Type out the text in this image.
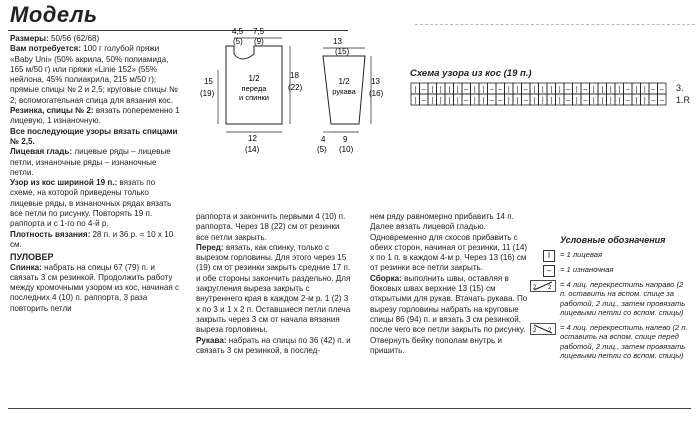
Модель

Размеры: 50/56 (62/68)

Вам потребуется: 100 г голубой пряжи «Baby Uni» (50% акрила, 50% полиамида, 165 м/50 г) или пряжи «Linie 152» (55% нейлона, 45% полиакрила, 215 м/50 г); прямые спицы № 2 и 2,5; круговые спицы № 2; вспомогательная спица для вязания кос.

Резинка, спицы № 2: вязать попеременно 1 лицевую, 1 изнаночную.

Все последующие узоры вязать спицами № 2,5.

Лицевая гладь: лицевые ряды – лицевые петли, изнаночные ряды – изнаночные петли.

Узор из кос шириной 19 п.: вязать по схеме, на которой приведены только лицевые ряды, в изнаночных рядах вязать все петли по рисунку. Повторять 19 п. раппорта и с 1-го по 4-й р.

Плотность вязания: 28 п. и 36 р. = 10 х 10 см.

ПУЛОВЕР

Спинка: набрать на спицы 67 (79) п. и связать 3 см резинкой. Продолжить работу между кромочными узором из кос, начиная с последних 4 (10) п. раппорта, 3 раза повторить петли

раппорта и закончить первыми 4 (10) п. раппорта. Через 18 (22) см от резинки все петли закрыть.

Перед: вязать, как спинку, только с вырезом горловины. Для этого через 15 (19) см от резинки закрыть средние 17 п. и обе стороны закончить раздельно. Для закругления выреза закрыть с внутреннего края в каждом 2-м р. 1 (2) 3 х по 3 и 1 х 2 п. Оставшиеся петли плеча закрыть через 3 см от начала вязания выреза горловины.

Рукава: набрать на спицы по 36 (42) п. и связать 3 см резинкой, в послед-

нем ряду равномерно прибавить 14 п. Далее вязать лицевой гладью. Одновременно для скосов прибавить с обеих сторон, начиная от резинки, 11 (14) х по 1 п. в каждом 4-м р. Через 13 (16) см от резинки все петли закрыть.

Сборка: выполнить швы, оставляя в боковых швах верхние 13 (15) см открытыми для рукав. Втачать рукава. По вырезу горловины набрать на круговые спицы 86 (94) п. и вязать 3 см резинкой, после чего все петли закрыть по рисунку. Отвернуть бейку пополам внутрь и пришить.

4,5
(5)
7,5
(9)
15
(19)
18
(22)
12
(14)
1/2
переда
и спинки
13
(15)
13
(16)
4
(5)
9
(10)
1/2
рукава
Схема узора из кос (19 п.)
| – | | | | – | | – – | | – | | | | – | – | | | | – | | – –
| – | | | | – | | – – | | – | | | | – | – | | | | – | | – –
3.
1.R
Условные обозначения
I	= 1 лицевая
–	= 1 изнаночная
2 2 = 4 лиц. перекрестить направо (2 п. оставить на вспом. спице за работой, 2 лиц., затем провязать лицевыми петли со вспом. спицы)
2 2 = 4 лиц. перекрестить налево (2 п. оставить на вспом. спице перед работой, 2 лиц., затем провязать лицевыми петли со вспом. спицы)
